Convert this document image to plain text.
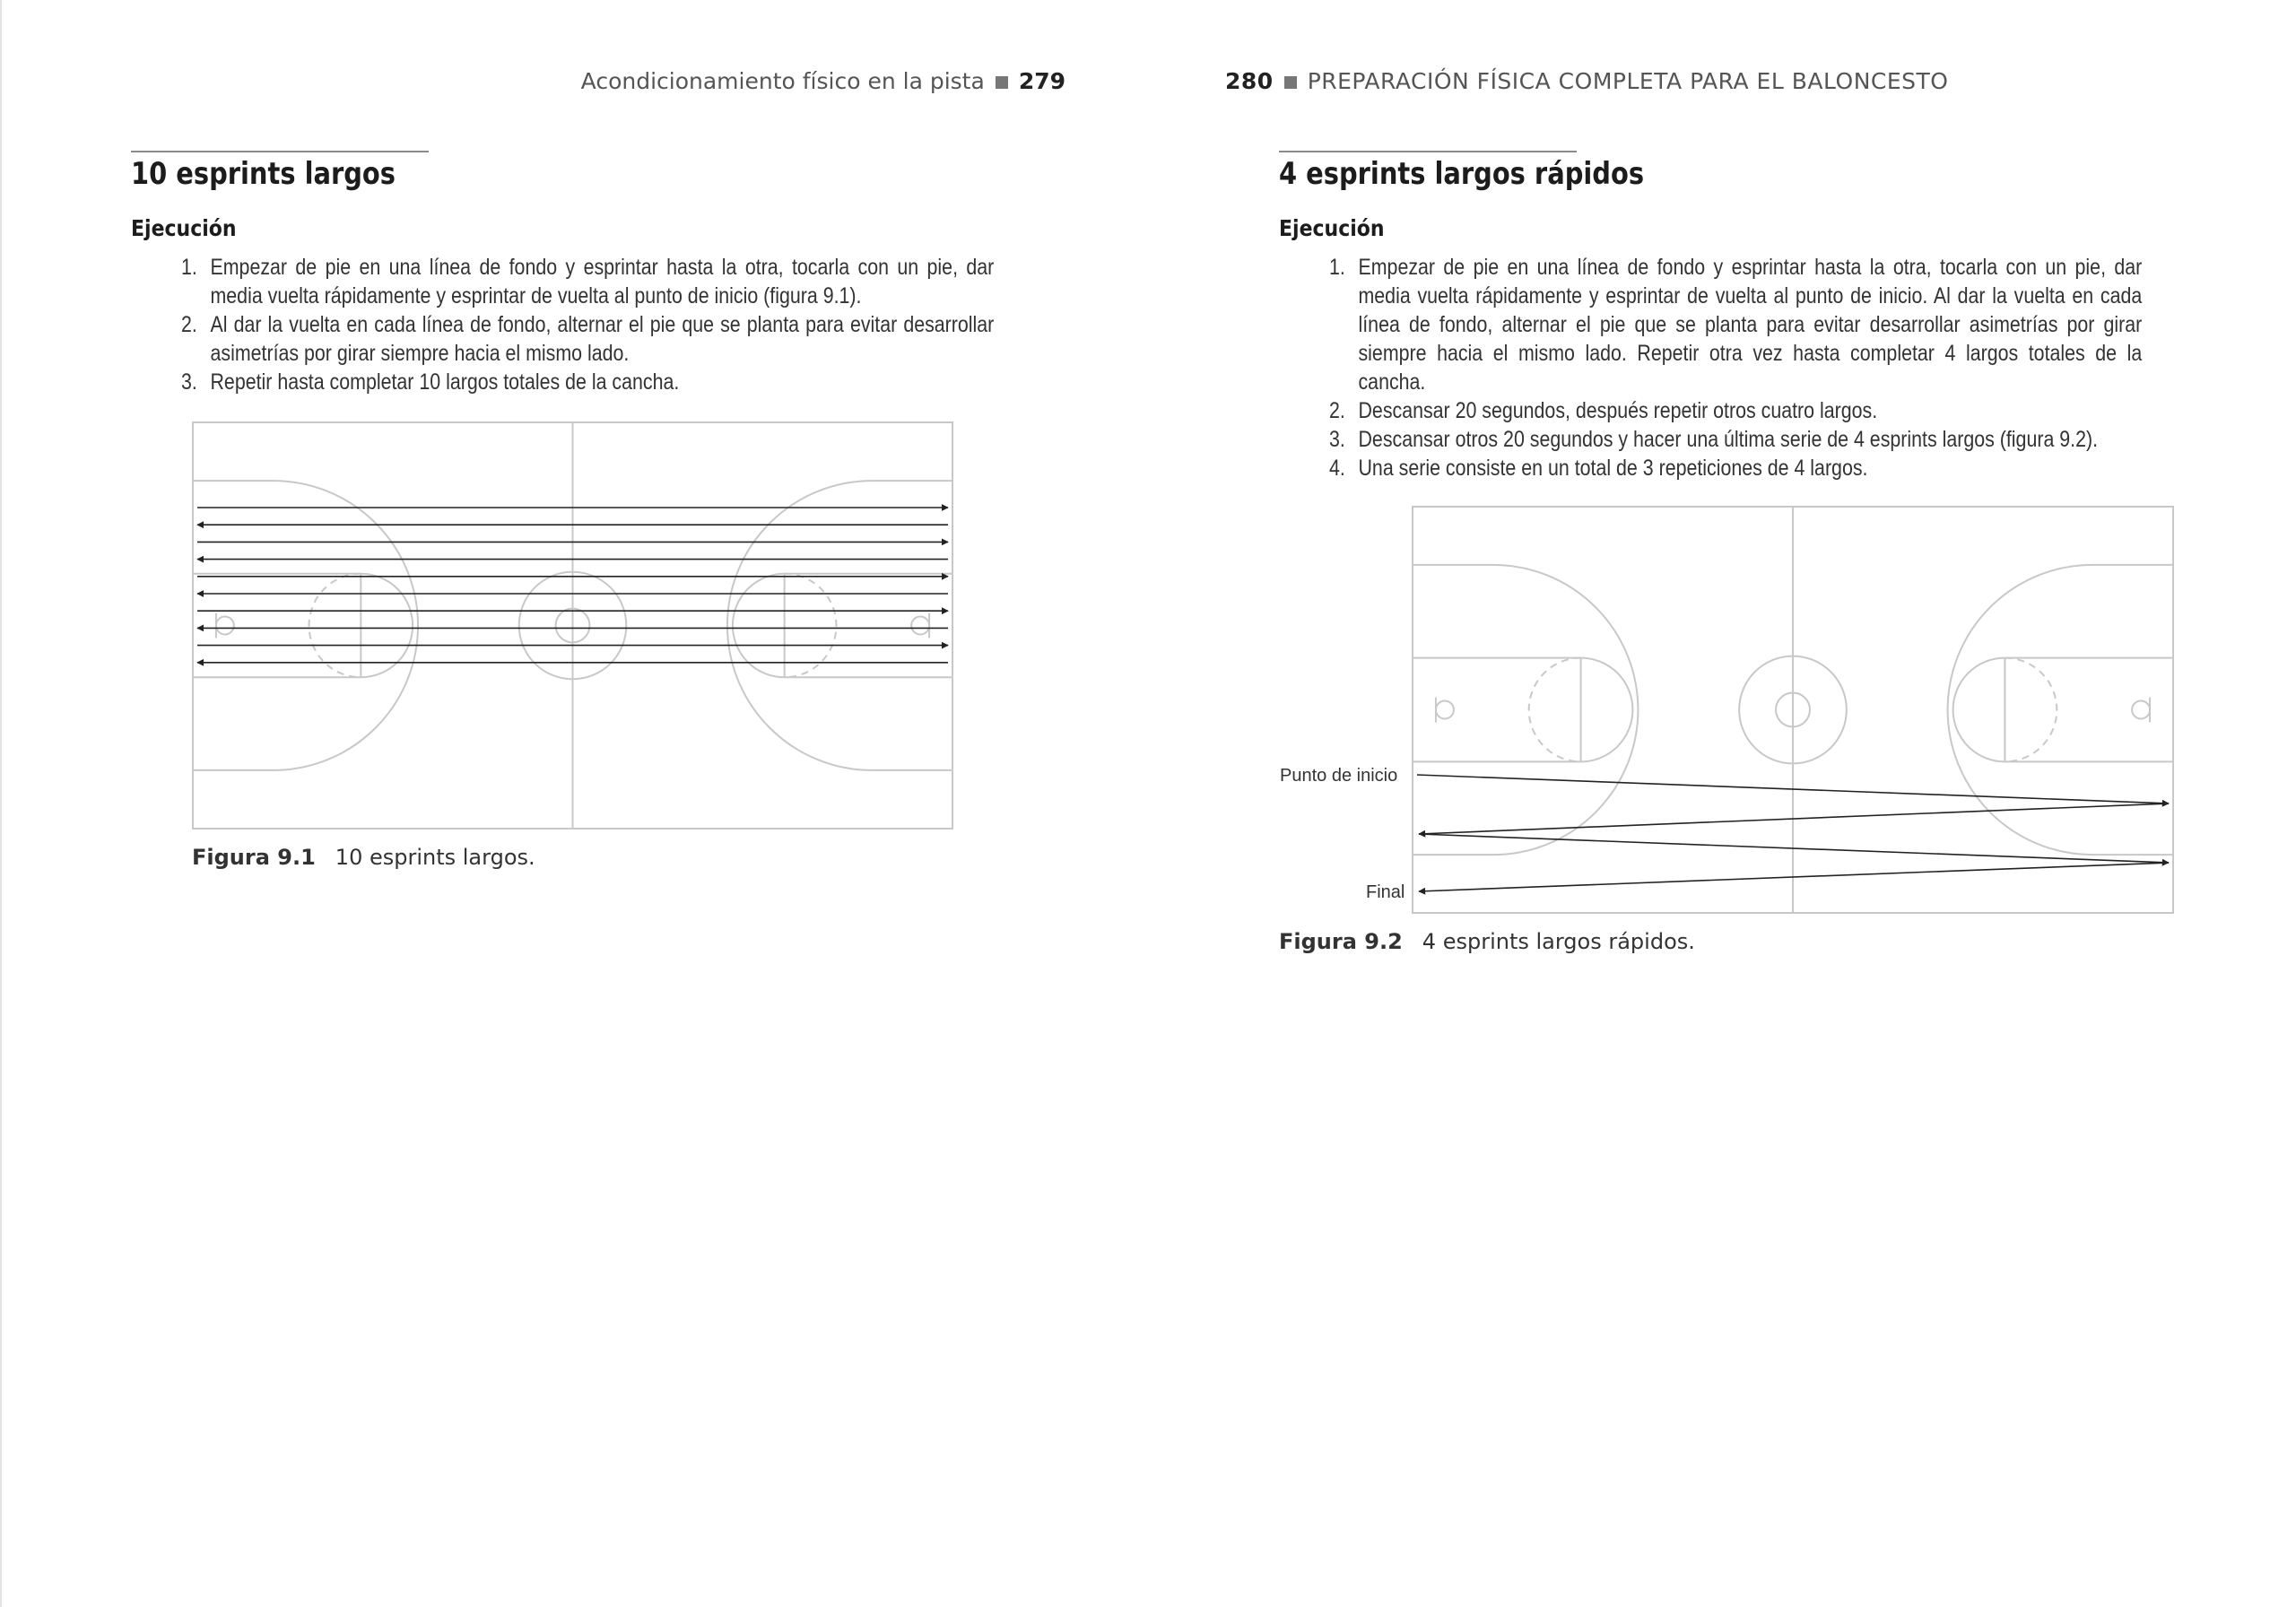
Acondicionamiento físico en la pista 279
10 esprints largos
Ejecución
1. Empezar de pie en una línea de fondo y esprintar hasta la otra, tocarla con un pie, dar media vuelta rápidamente y esprintar de vuelta al punto de inicio (figura 9.1).
2. Al dar la vuelta en cada línea de fondo, alternar el pie que se planta para evitar desarrollar asimetrías por girar siempre hacia el mismo lado.
3. Repetir hasta completar 10 largos totales de la cancha.
Figura 9.1 10 esprints largos.
280 PREPARACIÓN FÍSICA COMPLETA PARA EL BALONCESTO
4 esprints largos rápidos
Ejecución
1. Empezar de pie en una línea de fondo y esprintar hasta la otra, tocarla con un pie, dar media vuelta rápidamente y esprintar de vuelta al punto de inicio. Al dar la vuelta en cada línea de fondo, alternar el pie que se planta para evitar desarrollar asimetrías por girar siempre hacia el mismo lado. Repetir otra vez hasta completar 4 largos totales de la cancha.
2. Descansar 20 segundos, después repetir otros cuatro largos.
3. Descansar otros 20 segundos y hacer una última serie de 4 esprints largos (figura 9.2).
4. Una serie consiste en un total de 3 repeticiones de 4 largos.
Punto de inicio
Final
Figura 9.2 4 esprints largos rápidos.
